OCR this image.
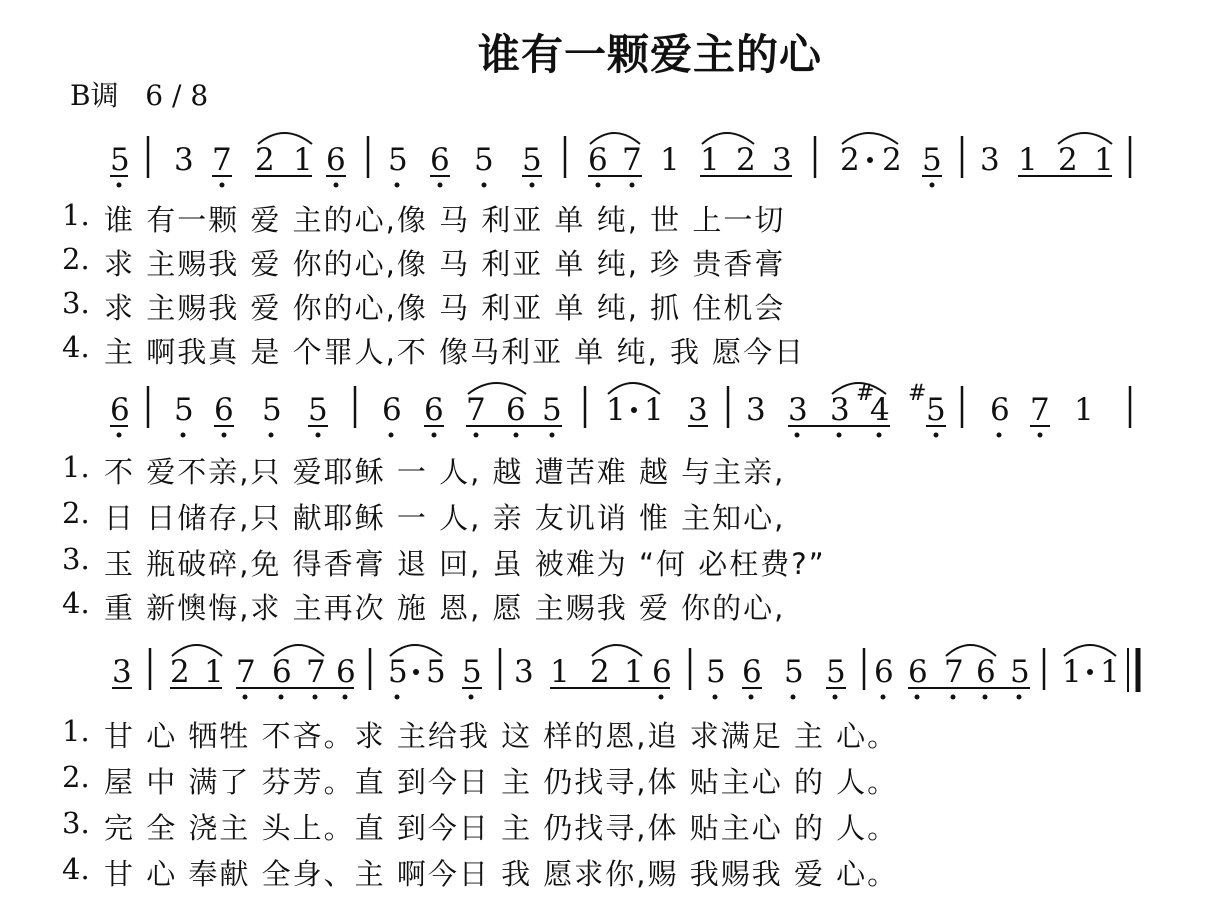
谁有一颗爱主的心
B调   6 / 8
5 3 7 2 1 6 5 6 5 5 6 7 1 1 2 3 2 2 5 3 1 2 1
1. 谁 有一颗 爱 主的心,像 马 利亚 单 纯, 世 上一切
2. 求 主赐我 爱 你的心,像 马 利亚 单 纯, 珍 贵香膏
3. 求 主赐我 爱 你的心,像 马 利亚 单 纯, 抓 住机会
4. 主 啊我真 是 个罪人,不 像马利亚 单 纯, 我 愿今日
6 5 6 5 5 6 6 7 6 5 1 1 3 3 3 3 #
4 # 5 6 7 1
1. 不 爱不亲,只 爱耶稣 一 人, 越 遭苦难 越 与主亲,
2. 日 日储存,只 献耶稣 一 人, 亲 友讥诮 惟 主知心,
3. 玉 瓶破碎,免 得香膏 退 回, 虽 被难为 “何 必枉费?”
4. 重 新懊悔,求 主再次 施 恩, 愿 主赐我 爱 你的心,
3 2 1 7 6 7 6 5 5 5 3 1 2 1 6 5 6 5 5 6 6 7 6 5 1 1
1. 甘 心 牺牲 不吝。求 主给我 这 样的恩,追 求满足 主 心。
2. 屋 中 满了 芬芳。直 到今日 主 仍找寻,体 贴主心 的 人。
3. 完 全 浇主 头上。直 到今日 主 仍找寻,体 贴主心 的 人。
4. 甘 心 奉献 全身、主 啊今日 我 愿求你,赐 我赐我 爱 心。
